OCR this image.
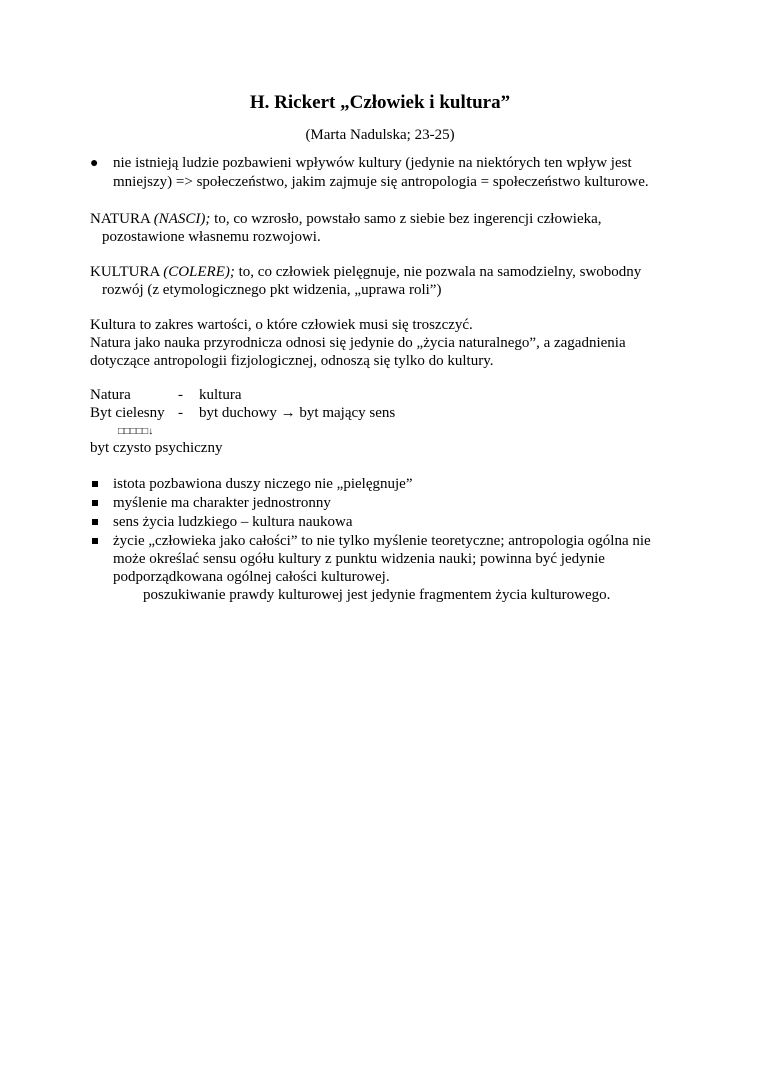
H. Rickert „Człowiek i kultura”
(Marta Nadulska; 23-25)
● nie istnieją ludzie pozbawieni wpływów kultury (jedynie na niektórych ten wpływ jest
mniejszy) => społeczeństwo, jakim zajmuje się antropologia = społeczeństwo kulturowe.
NATURA (NASCI); to, co wzrosło, powstało samo z siebie bez ingerencji człowieka,
pozostawione własnemu rozwojowi.
KULTURA (COLERE); to, co człowiek pielęgnuje, nie pozwala na samodzielny, swobodny
rozwój (z etymologicznego pkt widzenia, „uprawa roli”)
Kultura to zakres wartości, o które człowiek musi się troszczyć.
Natura jako nauka przyrodnicza odnosi się jedynie do „życia naturalnego”, a zagadnienia
dotyczące antropologii fizjologicznej, odnoszą się tylko do kultury.
Natura	- kultura
Byt cielesny - byt duchowy → byt mający sens
□□□□□↓
byt czysto psychiczny
istota pozbawiona duszy niczego nie „pielęgnuje”
myślenie ma charakter jednostronny
sens życia ludzkiego – kultura naukowa
życie „człowieka jako całości” to nie tylko myślenie teoretyczne; antropologia ogólna nie
może określać sensu ogółu kultury z punktu widzenia nauki; powinna być jedynie
podporządkowana ogólnej całości kulturowej.
poszukiwanie prawdy kulturowej jest jedynie fragmentem życia kulturowego.
